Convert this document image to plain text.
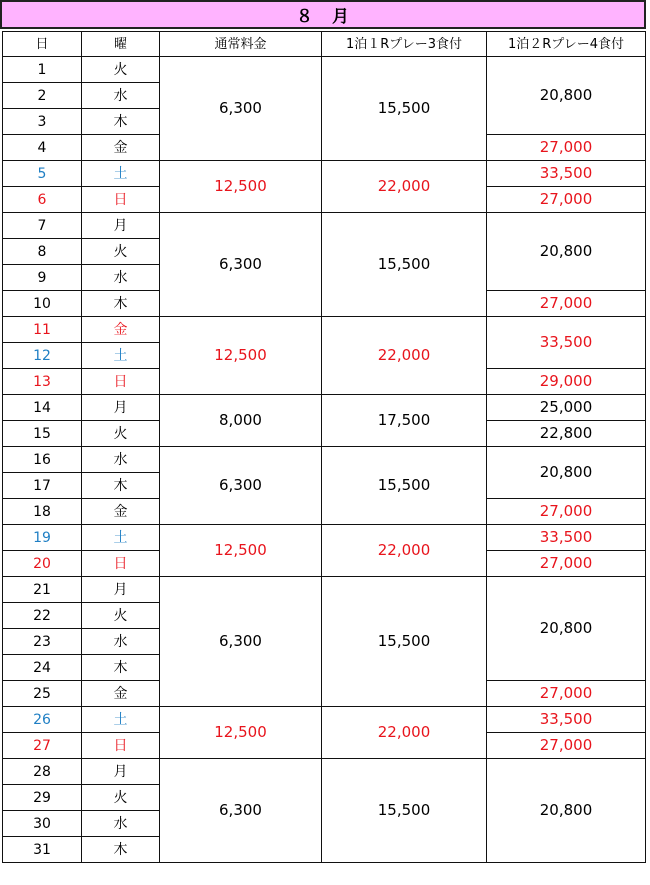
８　月
日	曜	通常料金	1泊１Rプレー3食付	1泊２Rプレー4食付
1	火	6,300	15,500	20,800
2	水			
3	木			
4	金			27,000
5	土	12,500	22,000	33,500
6	日			27,000
7	月	6,300	15,500	20,800
8	火			
9	水			
10	木			27,000
11	金	12,500	22,000	33,500
12	土			
13	日			29,000
14	月	8,000	17,500	25,000
15	火			22,800
16	水	6,300	15,500	20,800
17	木			
18	金			27,000
19	土	12,500	22,000	33,500
20	日			27,000
21	月	6,300	15,500	20,800
22	火			
23	水			
24	木			
25	金			27,000
26	土	12,500	22,000	33,500
27	日			27,000
28	月	6,300	15,500	20,800
29	火			
30	水			
31	木			
